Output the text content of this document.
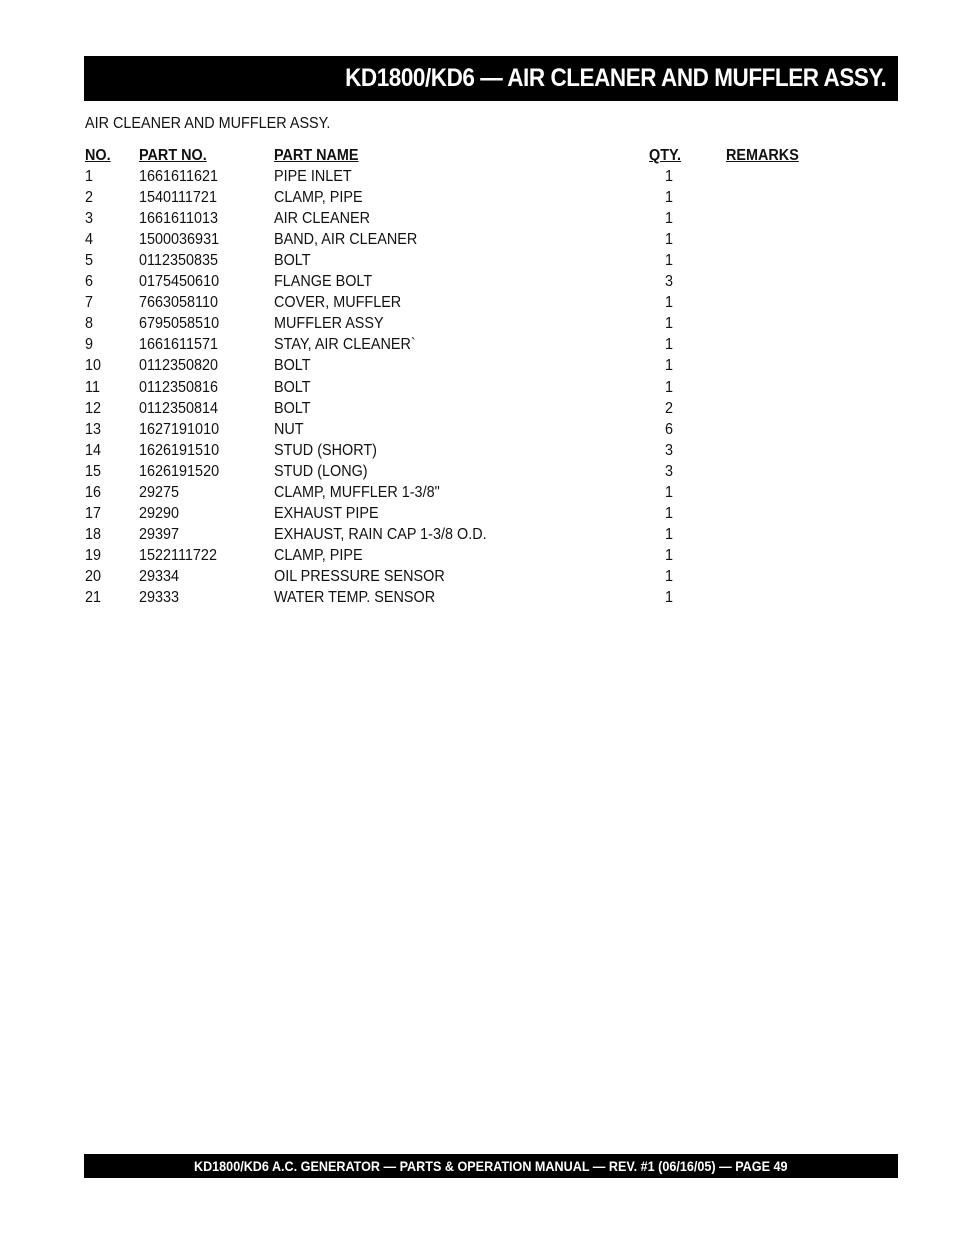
KD1800/KD6 — AIR CLEANER AND MUFFLER ASSY.
AIR CLEANER AND MUFFLER ASSY.
NO. PART NO.	PART NAME	QTY.	REMARKS
1	1661611621	PIPE INLET	1
2	1540111721	CLAMP, PIPE	1
3	1661611013	AIR CLEANER	1
4	1500036931	BAND, AIR CLEANER	1
5	0112350835	BOLT	1
6	0175450610	FLANGE BOLT	3
7	7663058110	COVER, MUFFLER	1
8	6795058510	MUFFLER ASSY	1
9	1661611571	STAY, AIR CLEANER`	1
10 0112350820	BOLT	1
11 0112350816	BOLT	1
12 0112350814	BOLT	2
13 1627191010	NUT	6
14 1626191510	STUD (SHORT)	3
15 1626191520	STUD (LONG)	3
16 29275	CLAMP, MUFFLER 1-3/8"	1
17 29290	EXHAUST PIPE	1
18 29397	EXHAUST, RAIN CAP 1-3/8 O.D.	1
19 1522111722	CLAMP, PIPE	1
20 29334	OIL PRESSURE SENSOR	1
21 29333	WATER TEMP. SENSOR	1
KD1800/KD6 A.C. GENERATOR — PARTS & OPERATION MANUAL — REV. #1 (06/16/05) — PAGE 49
